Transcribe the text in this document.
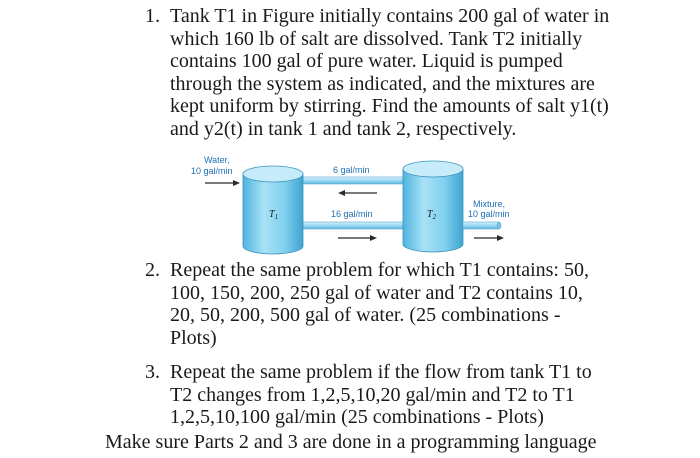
1. Tank T1 in Figure initially contains 200 gal of water in
which 160 lb of salt are dissolved. Tank T2 initially
contains 100 gal of pure water. Liquid is pumped
through the system as indicated, and the mixtures are
kept uniform by stirring. Find the amounts of salt y1(t)
and y2(t) in tank 1 and tank 2, respectively.
Water,
10 gal/min	6 gal/min
16 gal/min
$T_1$	$T_2$
Mixture,
10 gal/min
2. Repeat the same problem for which T1 contains: 50,
100, 150, 200, 250 gal of water and T2 contains 10,
20, 50, 200, 500 gal of water. (25 combinations -
Plots)
3. Repeat the same problem if the flow from tank T1 to
T2 changes from 1,2,5,10,20 gal/min and T2 to T1
1,2,5,10,100 gal/min (25 combinations - Plots)
Make sure Parts 2 and 3 are done in a programming language
